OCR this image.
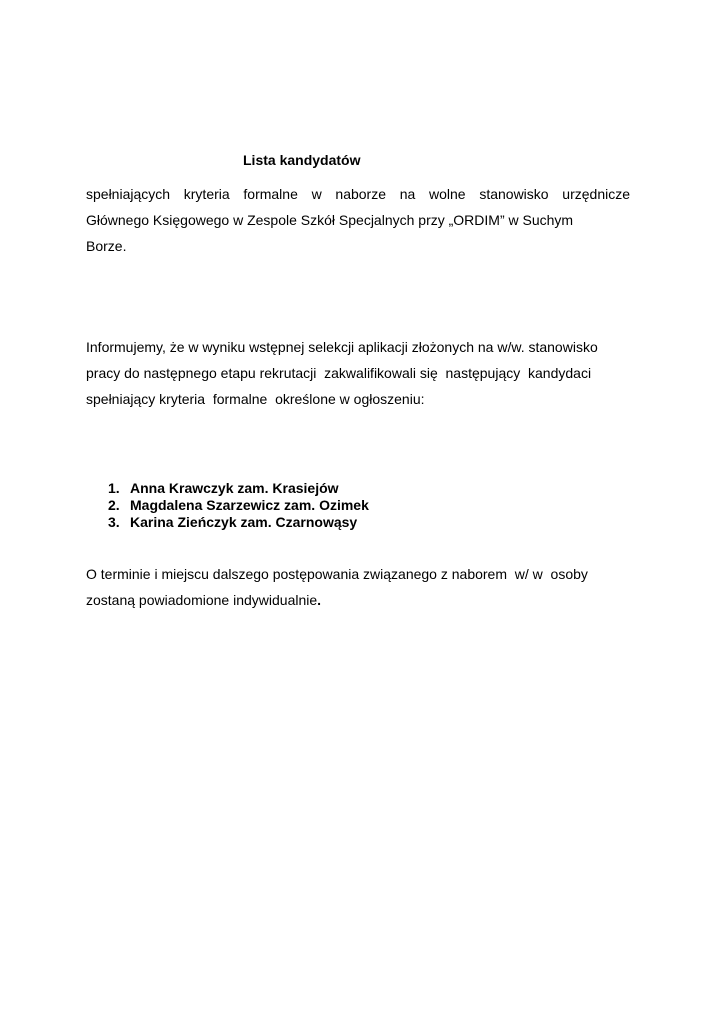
Lista kandydatów

spełniających kryteria formalne w naborze na wolne stanowisko urzędnicze
Głównego Księgowego w Zespole Szkół Specjalnych przy „ORDIM” w Suchym
Borze.

Informujemy, że w wyniku wstępnej selekcji aplikacji złożonych na w/w. stanowisko
pracy do następnego etapu rekrutacji  zakwalifikowali się  następujący  kandydaci
spełniający kryteria  formalne  określone w ogłoszeniu:

1. Anna Krawczyk zam. Krasiejów
2. Magdalena Szarzewicz zam. Ozimek
3. Karina Zieńczyk zam. Czarnowąsy

O terminie i miejscu dalszego postępowania związanego z naborem  w/ w  osoby
zostaną powiadomione indywidualnie.
